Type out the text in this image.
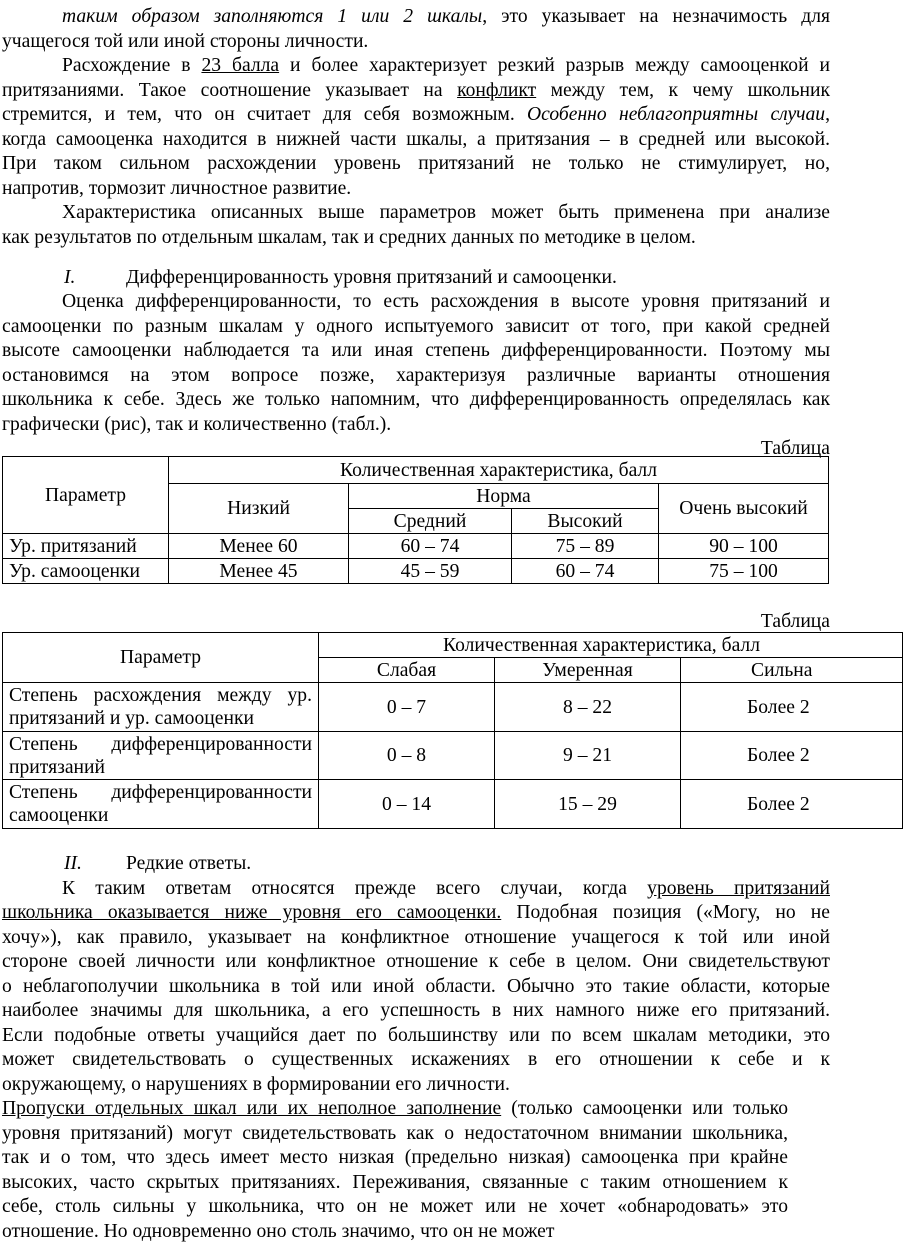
таким образом заполняются 1 или 2 шкалы, это указывает на незначимость для
учащегося той или иной стороны личности.
Расхождение в 23 балла и более характеризует резкий разрыв между самооценкой и
притязаниями. Такое соотношение указывает на конфликт между тем, к чему школьник
стремится, и тем, что он считает для себя возможным. Особенно неблагоприятны случаи,
когда самооценка находится в нижней части шкалы, а притязания – в средней или высокой.
При таком сильном расхождении уровень притязаний не только не стимулирует, но,
напротив, тормозит личностное развитие.
Характеристика описанных выше параметров может быть применена при анализе
как результатов по отдельным шкалам, так и средних данных по методике в целом.
I.	Дифференцированность уровня притязаний и самооценки.
Оценка дифференцированности, то есть расхождения в высоте уровня притязаний и
самооценки по разным шкалам у одного испытуемого зависит от того, при какой средней
высоте самооценки наблюдается та или иная степень дифференцированности. Поэтому мы
остановимся на этом вопросе позже, характеризуя различные варианты отношения
школьника к себе. Здесь же только напомним, что дифференцированность определялась как
графически (рис), так и количественно (табл.).
Таблица
Параметр	Количественная характеристика, балл			
	Низкий	Норма		Очень высокий
		Средний	Высокий	
Ур. притязаний	Менее 60	60 – 74	75 – 89	90 – 100
Ур. самооценки	Менее 45	45 – 59	60 – 74	75 – 100
Таблица
Параметр	Количественная характеристика, балл		
	Слабая	Умеренная	Сильна

Степень расхождения между ур.
притязаний и ур. самооценки	0 – 7	8 – 22	Более 2

Степень дифференцированности
притязаний	0 – 8	9 – 21	Более 2

Степень дифференцированности
самооценки	0 – 14	15 – 29	Более 2
II. Редкие ответы.
К таким ответам относятся прежде всего случаи, когда уровень притязаний
школьника оказывается ниже уровня его самооценки. Подобная позиция («Могу, но не
хочу»), как правило, указывает на конфликтное отношение учащегося к той или иной
стороне своей личности или конфликтное отношение к себе в целом. Они свидетельствуют
о неблагополучии школьника в той или иной области. Обычно это такие области, которые
наиболее значимы для школьника, а его успешность в них намного ниже его притязаний.
Если подобные ответы учащийся дает по большинству или по всем шкалам методики, это
может свидетельствовать о существенных искажениях в его отношении к себе и к
окружающему, о нарушениях в формировании его личности.
Пропуски отдельных шкал или их неполное заполнение (только самооценки или только
уровня притязаний) могут свидетельствовать как о недостаточном внимании школьника,
так и о том, что здесь имеет место низкая (предельно низкая) самооценка при крайне
высоких, часто скрытых притязаниях. Переживания, связанные с таким отношением к
себе, столь сильны у школьника, что он не может или не хочет «обнародовать» это
отношение. Но одновременно оно столь значимо, что он не может
